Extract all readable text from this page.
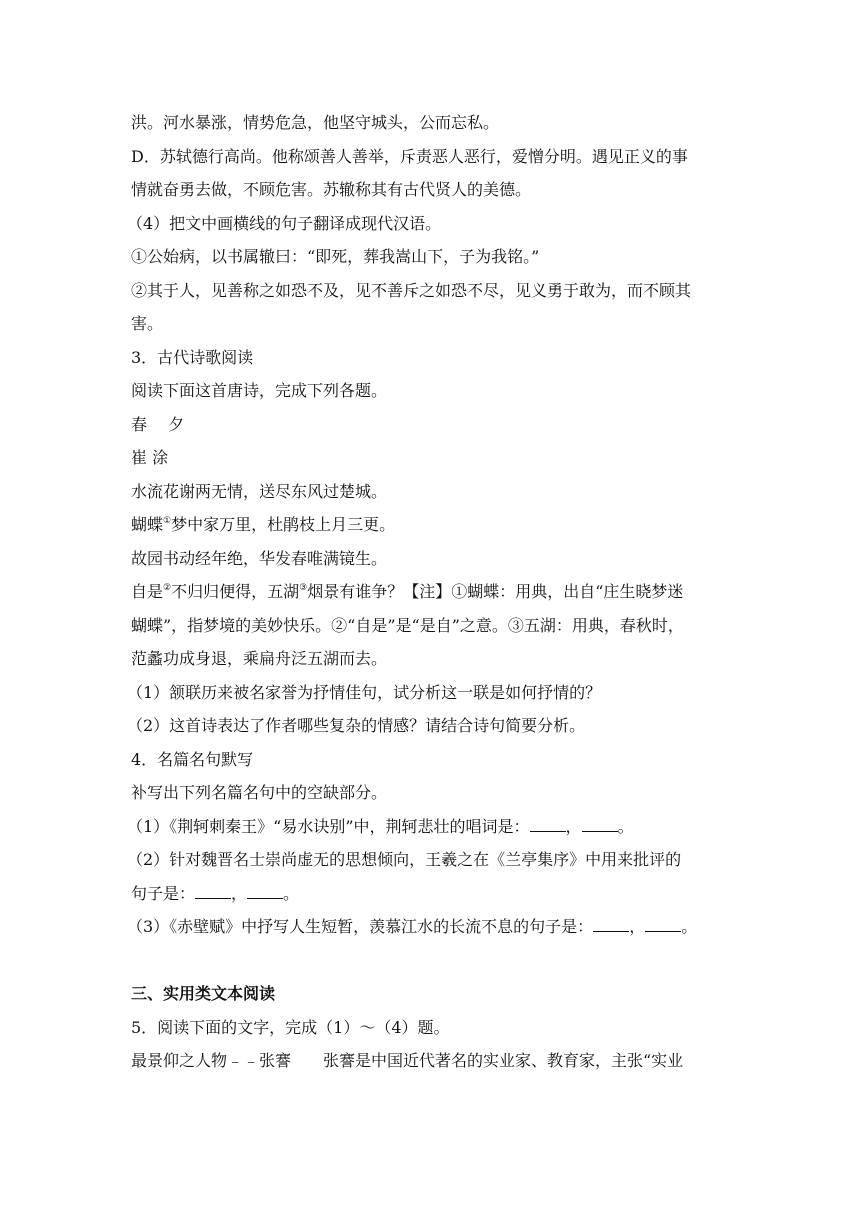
洪。河水暴涨，情势危急，他坚守城头，公而忘私。
D．苏轼德行高尚。他称颂善人善举，斥责恶人恶行，爱憎分明。遇见正义的事
情就奋勇去做，不顾危害。苏辙称其有古代贤人的美德。
（4）把文中画横线的句子翻译成现代汉语。
①公始病，以书属辙曰：“即死，葬我嵩山下，子为我铭。”
②其于人，见善称之如恐不及，见不善斥之如恐不尽，见义勇于敢为，而不顾其
害。
3．古代诗歌阅读
阅读下面这首唐诗，完成下列各题。
春　 夕
崔 涂
水流花谢两无情，送尽东风过楚城。
蝴蝶①梦中家万里，杜鹃枝上月三更。
故园书动经年绝，华发春唯满镜生。
自是②不归归便得，五湖③烟景有谁争？【注】①蝴蝶：用典，出自“庄生晓梦迷
蝴蝶”，指梦境的美妙快乐。②“自是”是“是自”之意。③五湖：用典，春秋时，
范蠡功成身退，乘扁舟泛五湖而去。
（1）颔联历来被名家誉为抒情佳句，试分析这一联是如何抒情的？
（2）这首诗表达了作者哪些复杂的情感？请结合诗句简要分析。
4．名篇名句默写
补写出下列名篇名句中的空缺部分。
（1）《荆轲刺秦王》“易水诀别”中，荆轲悲壮的唱词是： ， 。
（2）针对魏晋名士崇尚虚无的思想倾向，王羲之在《兰亭集序》中用来批评的
句子是： ， 。
（3）《赤壁赋》中抒写人生短暂，羡慕江水的长流不息的句子是： ， 。
三、实用类文本阅读
5．阅读下面的文字，完成（1）～（4）题。
最景仰之人物﹣﹣张謇　　张謇是中国近代著名的实业家、教育家，主张“实业
